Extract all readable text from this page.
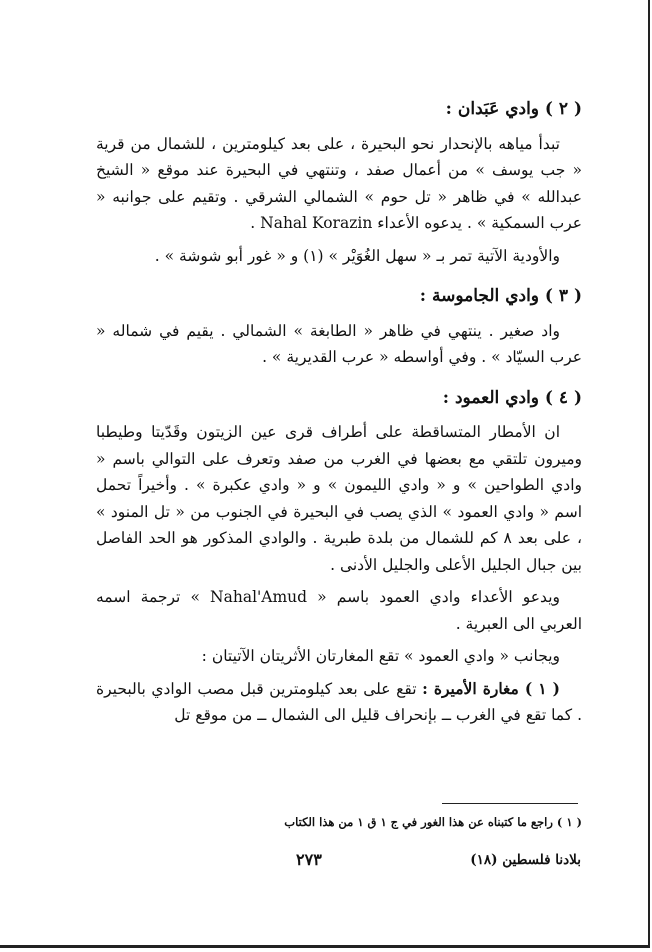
( ٢ ) وادي عَبَدان :

تبدأ مياهه بالإنحدار نحو البحيرة ، على بعد كيلومترين ، للشمال من قرية « جب يوسف » من أعمال صفد ، وتنتهي في البحيرة عند موقع « الشيخ عبدالله » في ظاهر « تل حوم » الشمالي الشرقي . وتقيم على جوانبه « عرب السمكية » . يدعوه الأعداء Nahal Korazin .

والأودية الآتية تمر بـ « سهل الغُوَيْر » (١) و « غور أبو شوشة » .

( ٣ ) وادي الجاموسة :

واد صغير . ينتهي في ظاهر « الطابغة » الشمالي . يقيم في شماله « عرب السيّاد » . وفي أواسطه « عرب القديرية » .

( ٤ ) وادي العمود :

ان الأمطار المتساقطة على أطراف قرى عين الزيتون وقَدّيتا وطيطبا وميرون تلتقي مع بعضها في الغرب من صفد وتعرف على التوالي باسم « وادي الطواحين » و « وادي الليمون » و « وادي عكبرة » . وأخيراً تحمل اسم « وادي العمود » الذي يصب في البحيرة في الجنوب من « تل المنود » ، على بعد ٨ كم للشمال من بلدة طبرية . والوادي المذكور هو الحد الفاصل بين جبال الجليل الأعلى والجليل الأدنى .

ويدعو الأعداء وادي العمود باسم « Nahal'Amud » ترجمة اسمه العربي الى العبرية .

ويجانب « وادي العمود » تقع المغارتان الأثريتان الآتيتان :

( ١ ) مغارة الأميرة : تقع على بعد كيلومترين قبل مصب الوادي بالبحيرة . كما تقع في الغرب ــ بإنحراف قليل الى الشمال ــ من موقع تل

( ١ ) راجع ما كتبناه عن هذا الغور في ج ١ ق ١ من هذا الكتاب
٢٧٣	بلادنا فلسطين (١٨)
